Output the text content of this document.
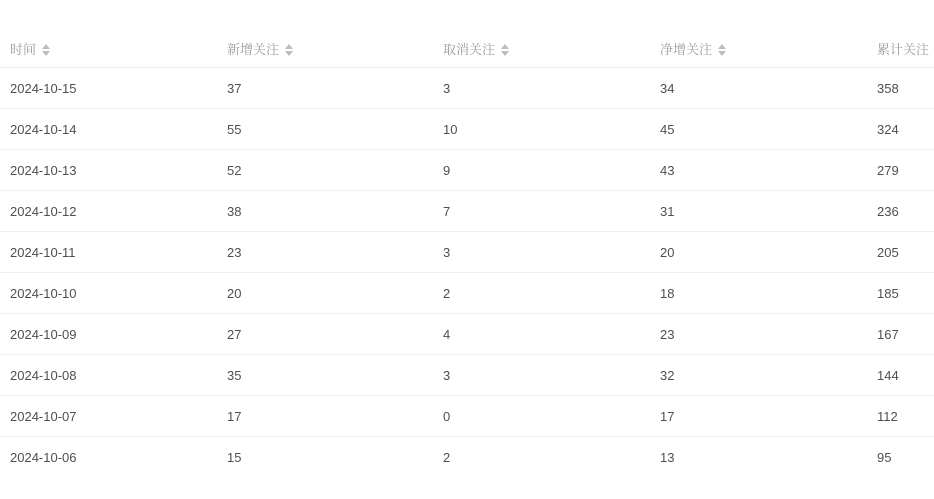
时间	新增关注	取消关注	净增关注	累计关注

2024-10-15	37	3	34	358
2024-10-14	55	10	45	324
2024-10-13	52	9	43	279
2024-10-12	38	7	31	236
2024-10-11	23	3	20	205
2024-10-10	20	2	18	185
2024-10-09	27	4	23	167
2024-10-08	35	3	32	144
2024-10-07	17	0	17	112
2024-10-06	15	2	13	95
